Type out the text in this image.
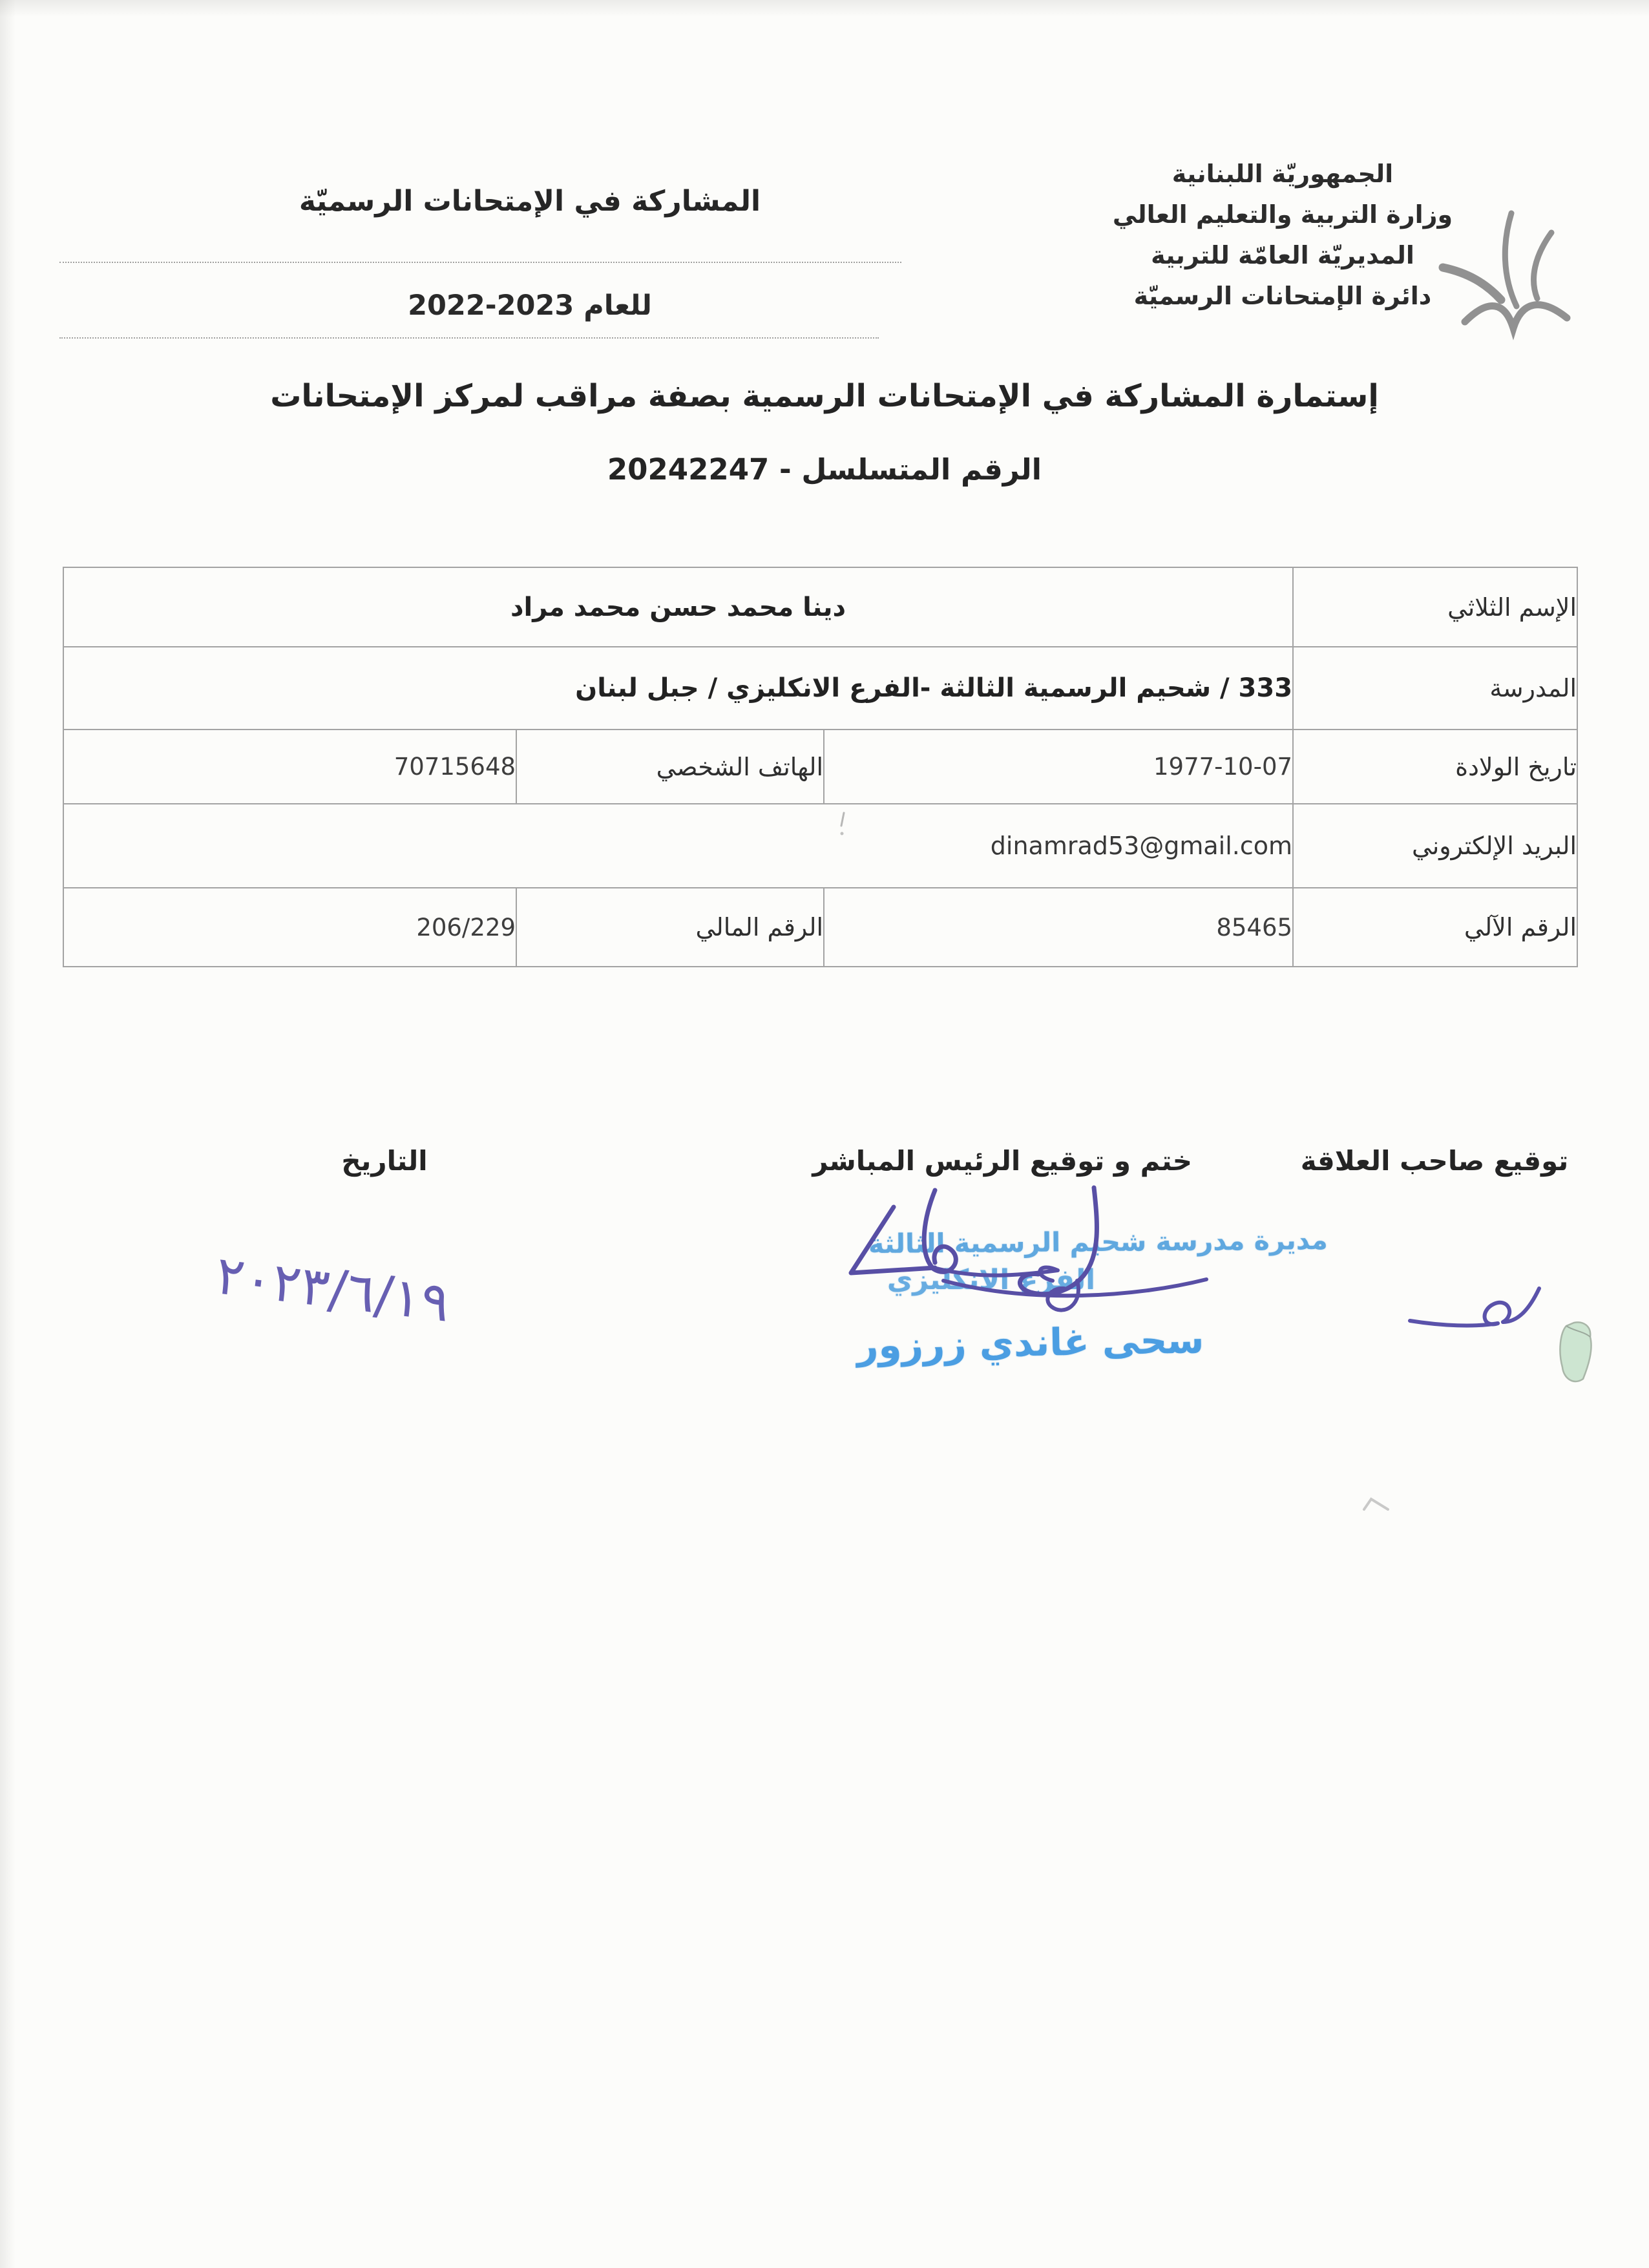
الجمهوريّة اللبنانية
وزارة التربية والتعليم العالي
المديريّة العامّة للتربية
دائرة الإمتحانات الرسميّة
المشاركة في الإمتحانات الرسميّة
للعام 2023-2022
إستمارة المشاركة في الإمتحانات الرسمية بصفة مراقب لمركز الإمتحانات
الرقم المتسلسل - 20242247
الإسم الثلاثي	دينا محمد حسن محمد مراد		
المدرسة	333 / شحيم الرسمية الثالثة -الفرع الانكليزي / جبل لبنان		
تاريخ الولادة	1977-10-07	الهاتف الشخصي	70715648
البريد الإلكتروني	dinamrad53@gmail.com		
الرقم الآلي	85465	الرقم المالي	206/229
توقيع صاحب العلاقة
ختم و توقيع الرئيس المباشر
التاريخ
مديرة مدرسة شحيم الرسمية الثالثة
الفرع الانكليزي
سحى غاندي زرزور
٢٠٢٣/٦/١٩
